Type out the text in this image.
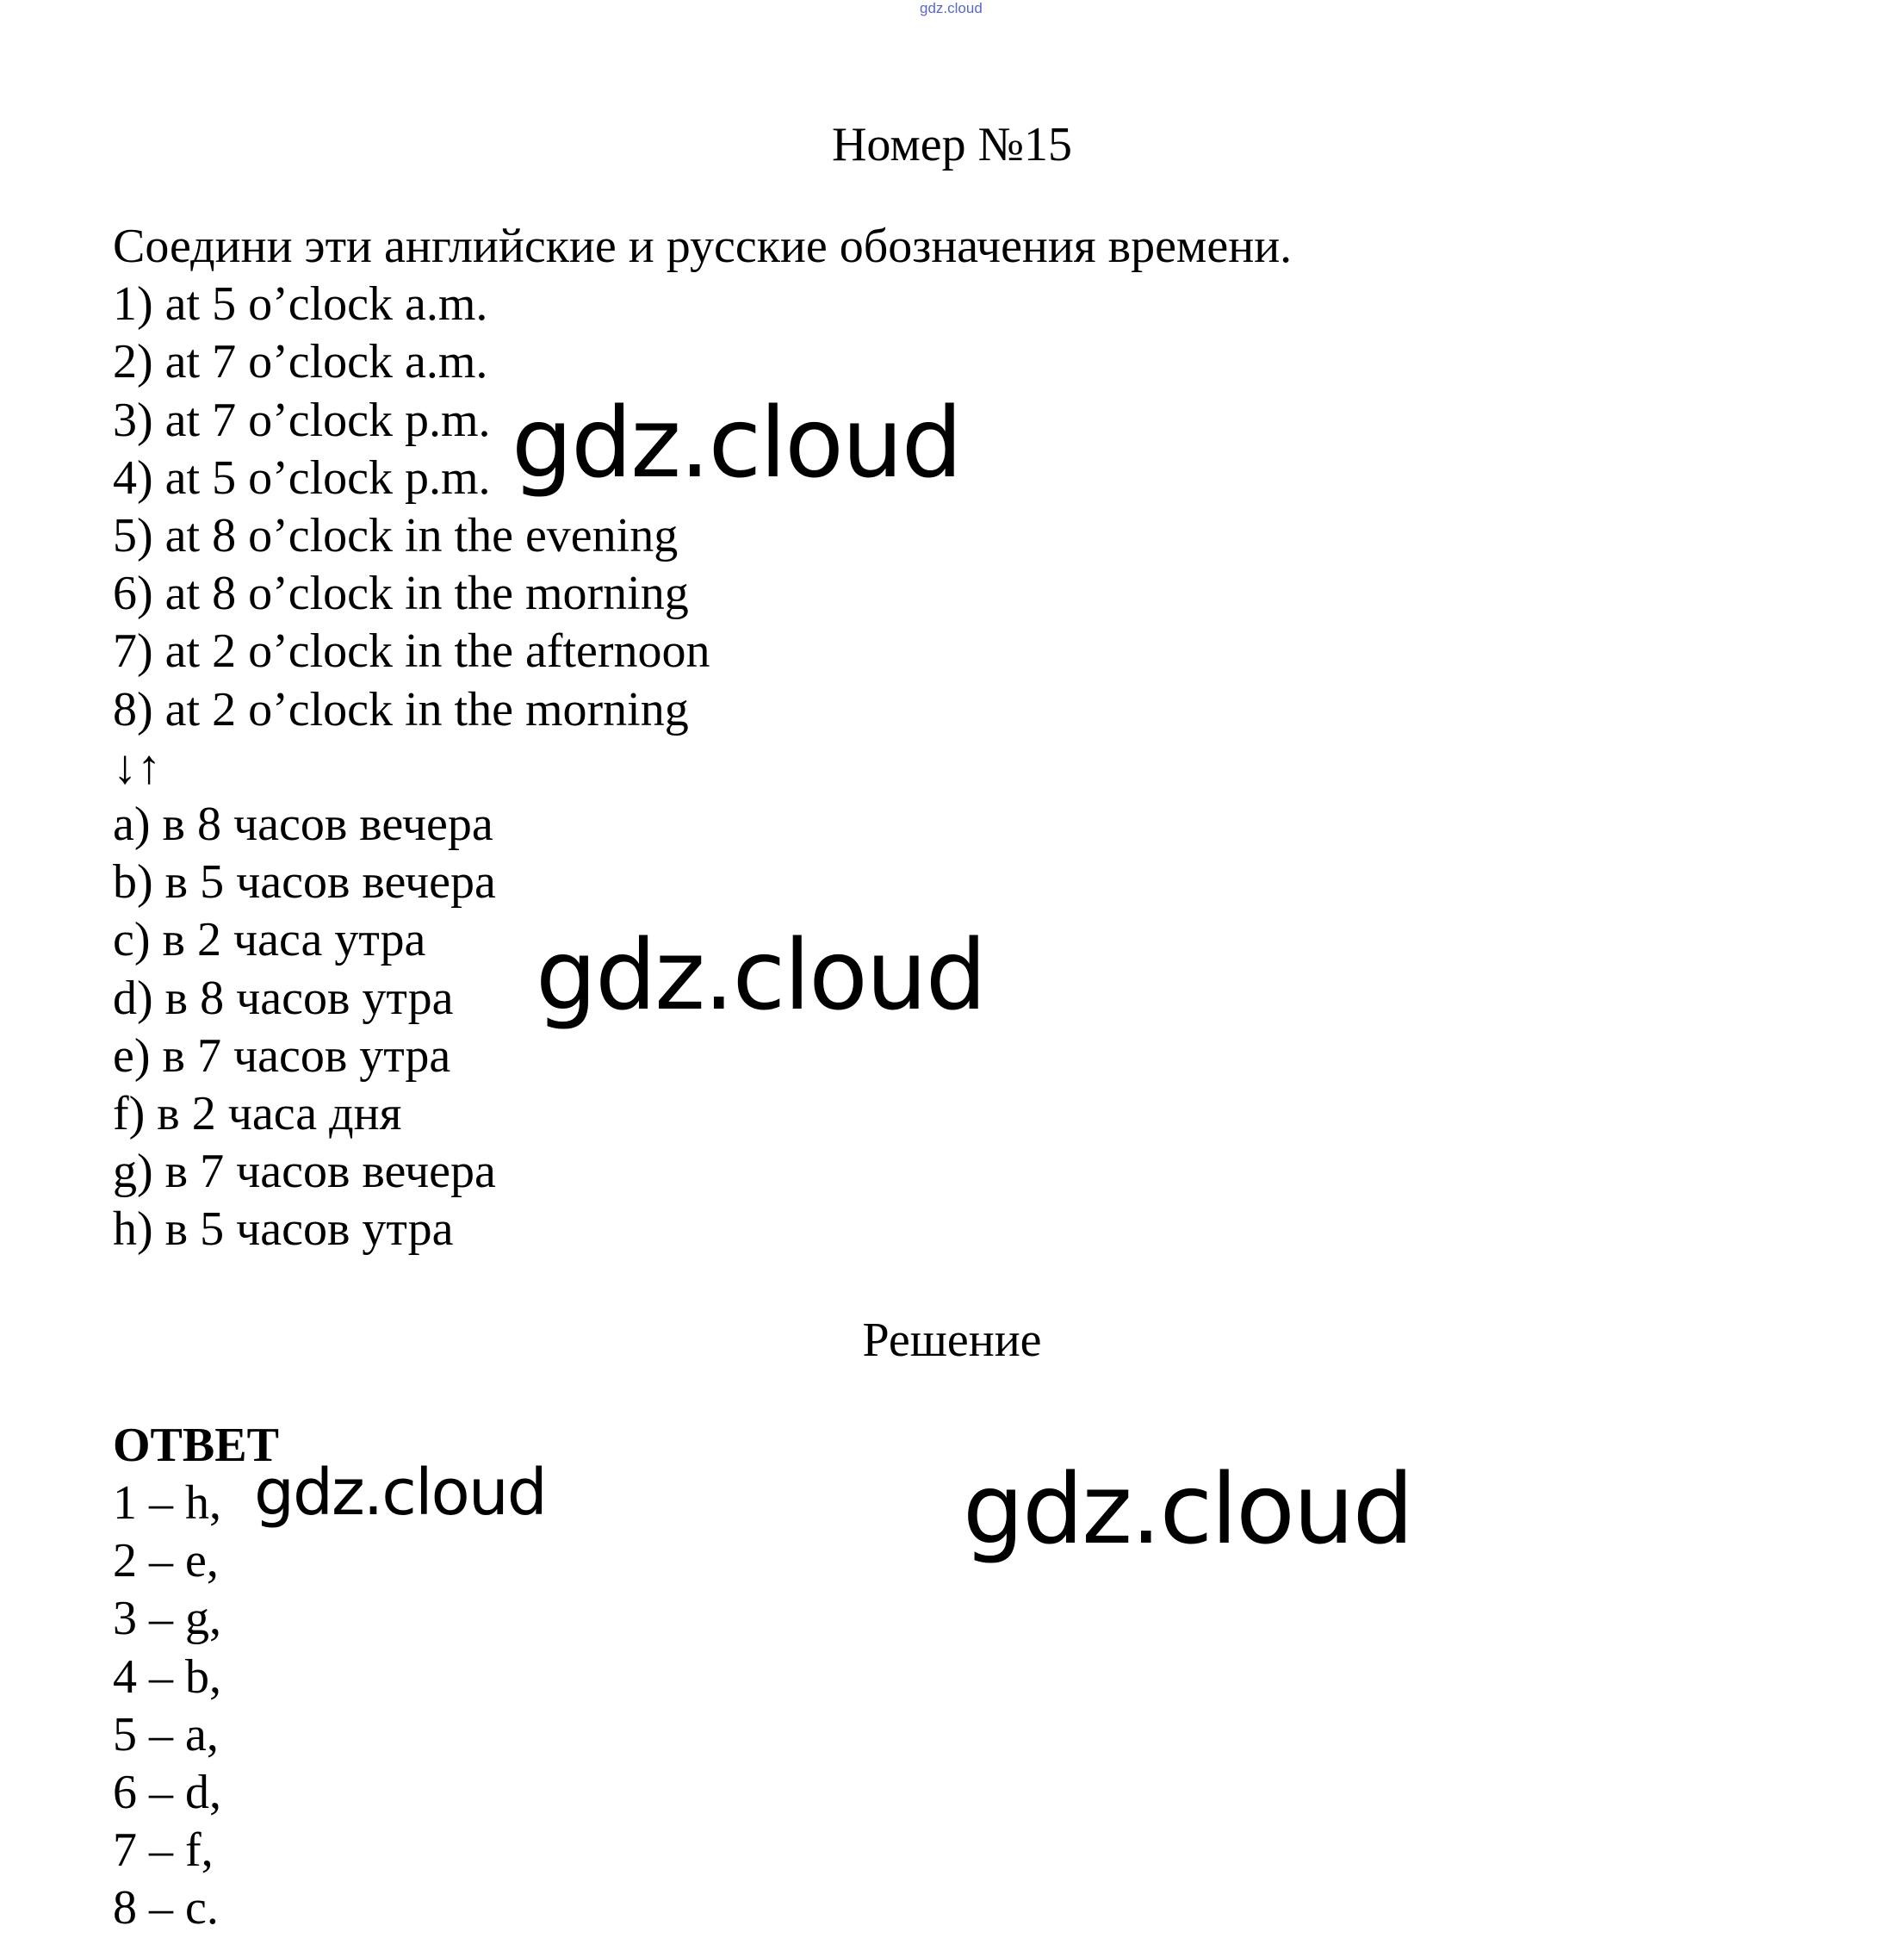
gdz.cloud
Номер №15
Соедини эти английские и русские обозначения времени.
1) at 5 o’clock a.m.
2) at 7 o’clock a.m.
3) at 7 o’clock p.m.
4) at 5 o’clock p.m.
5) at 8 o’clock in the evening
6) at 8 o’clock in the morning
7) at 2 o’clock in the afternoon
8) at 2 o’clock in the morning
↓↑
a) в 8 часов вечера
b) в 5 часов вечера
c) в 2 часа утра
d) в 8 часов утра
e) в 7 часов утра
f) в 2 часа дня
g) в 7 часов вечера
h) в 5 часов утра
Решение
ОТВЕТ
1 – h,
2 – e,
3 – g,
4 – b,
5 – a,
6 – d,
7 – f,
8 – c.
gdz.cloud
gdz.cloud
gdz.cloud	gdz.cloud
